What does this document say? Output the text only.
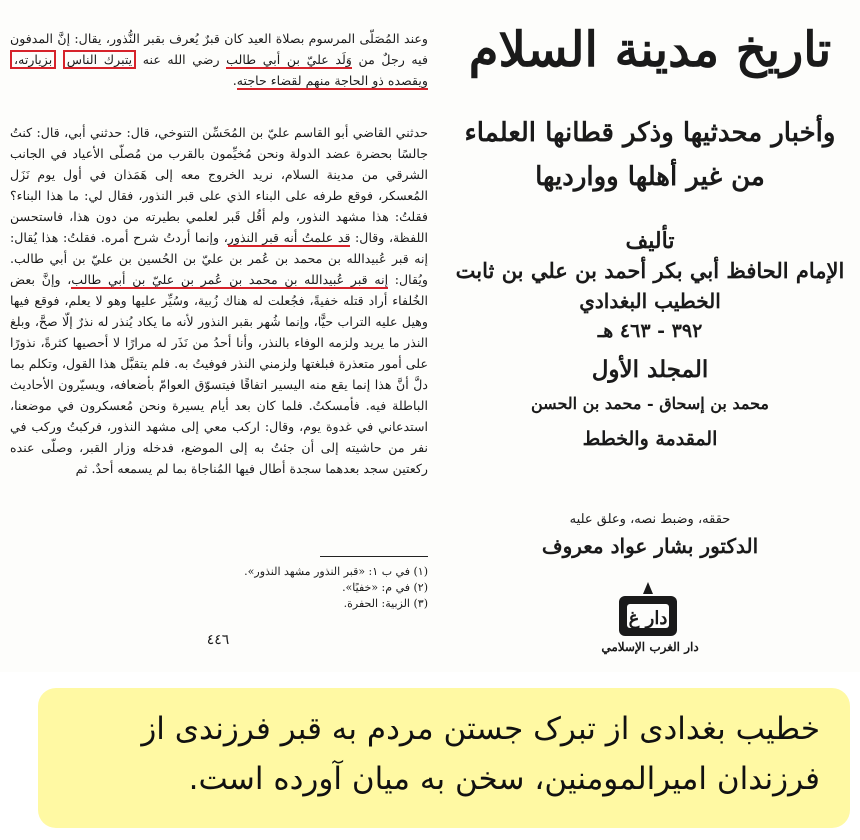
تاريخ مدينة السلام
وأخبار محدثيها وذكر قطانها العلماء
من غير أهلها ووارديها
تأليف
الإمام الحافظ أبي بكر أحمد بن علي بن ثابت
الخطيب البغدادي
٣٩٢ - ٤٦٣ هـ
المجلد الأول
محمد بن إسحاق - محمد بن الحسن
المقدمة والخطط
حققه، وضبط نصه، وعلق عليه
الدكتور بشار عواد معروف
دار غ
دار الغرب الإسلامي

وعند المُصَلّى المرسوم بصلاة العيد كان قبرٌ يُعرف بقبر النُّذور، يقال: إنَّ المدفون فيه رجلٌ من وَلَد عليّ بن أبي طالب رضي الله عنه يتبرك الناس بزيارته، ويقصده ذو الحاجة منهم لقضاء حاجته.

حدثني القاضي أبو القاسم عليّ بن المُحَسِّن التنوخي، قال: حدثني أبي، قال: كنتُ جالسًا بحضرة عضد الدولة ونحن مُخيِّمون بالقرب من مُصلّى الأعياد في الجانب الشرقي من مدينة السلام، نريد الخروج معه إلى هَمَذان في أول يوم نَزَل المُعسكر، فوقع طرفه على البناء الذي على قبر النذور، فقال لي: ما هذا البناء؟ فقلتُ: هذا مشهد النذور، ولم أقُل قَبر لعلمي بطيرته من دون هذا، فاستحسن اللفظة، وقال: قد علمتُ أنه قبر النذور، وإنما أردتُ شرح أمره. فقلتُ: هذا يُقال: إنه قبر عُبيدالله بن محمد بن عُمر بن عليّ بن الحُسين بن عليّ بن أبي طالب. ويُقال: إنه قبر عُبيدالله بن محمد بن عُمر بن عليّ بن أبي طالب، وإنَّ بعض الخُلفاء أراد قتله خفيةً، فجُعلت له هناك زُبية، وسُيِّر عليها وهو لا يعلم، فوقع فيها وهيل عليه التراب حيًّا، وإنما شُهر بقبر النذور لأنه ما يكاد يُنذر له نذرٌ إلّا صحَّ، وبلغ النذر ما يريد ولزمه الوفاء بالنذر، وأنا أحدُ من نَذَر له مرارًا لا أحصيها كثرةً، نذورًا على أمور متعذرة فبلغتها ولزمني النذر فوفيتُ به. فلم يتقبَّل هذا القول، وتكلم بما دلَّ أنَّ هذا إنما يقع منه اليسير اتفاقًا فيتسوّق العوامّ بأضعافه، ويسيّرون الأحاديث الباطلة فيه. فأمسكتُ. فلما كان بعد أيام يسيرة ونحن مُعسكرون في موضعنا، استدعاني في غدوة يوم، وقال: اركب معي إلى مشهد النذور، فركبتُ وركب في نفر من حاشيته إلى أن جئتُ به إلى الموضع، فدخله وزار القبر، وصلّى عنده ركعتين سجد بعدهما سجدة أطال فيها المُناجاة بما لم يسمعه أحدٌ. ثم

(١) في ب ١: «قبر النذور مشهد النذور».
(٢) في م: «خفيًا».
(٣) الزبية: الحفرة.
٤٤٦
خطیب بغدادی از تبرک جستن مردم به قبر فرزندی از فرزندان امیرالمومنین، سخن به میان آورده است.
